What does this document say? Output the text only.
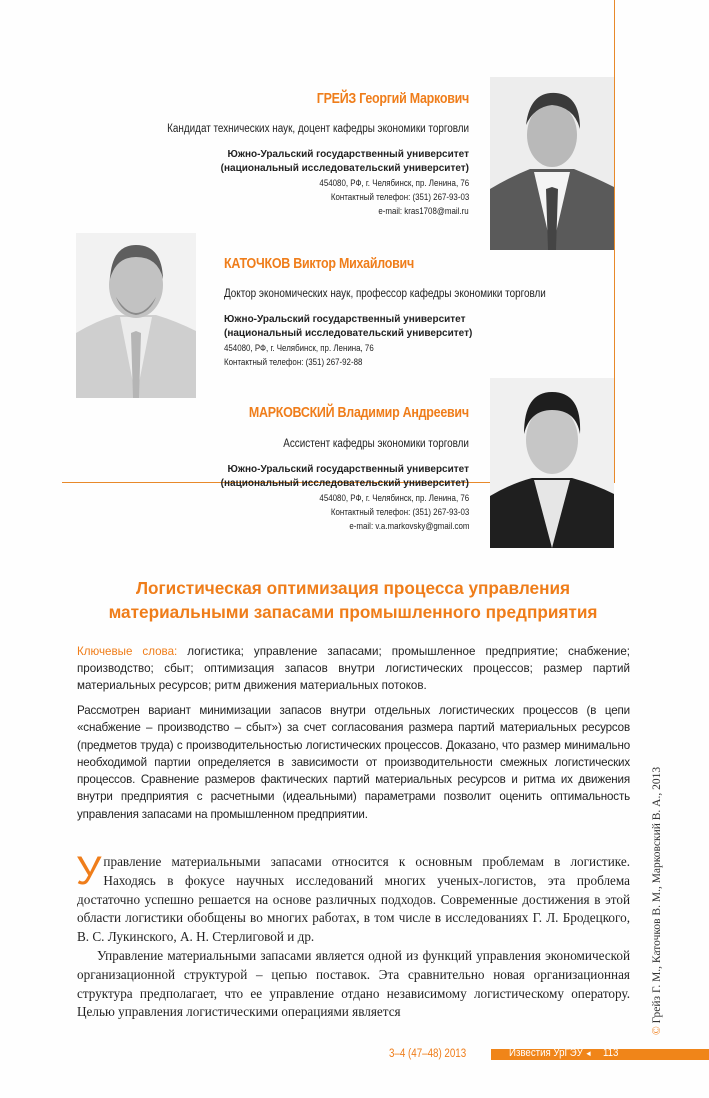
ГРЕЙЗ Георгий Маркович
Кандидат технических наук, доцент кафедры экономики торговли
Южно-Уральский государственный университет
(национальный исследовательский университет)
454080, РФ, г. Челябинск, пр. Ленина, 76
Контактный телефон: (351) 267-93-03
e-mail: kras1708@mail.ru
КАТОЧКОВ Виктор Михайлович
Доктор экономических наук, профессор кафедры экономики торговли
Южно-Уральский государственный университет
(национальный исследовательский университет)
454080, РФ, г. Челябинск, пр. Ленина, 76
Контактный телефон: (351) 267-92-88
МАРКОВСКИЙ Владимир Андреевич
Ассистент кафедры экономики торговли
Южно-Уральский государственный университет
(национальный исследовательский университет)
454080, РФ, г. Челябинск, пр. Ленина, 76
Контактный телефон: (351) 267-93-03
e-mail: v.a.markovsky@gmail.com
Логистическая оптимизация процесса управления
материальными запасами промышленного предприятия
Ключевые слова: логистика; управление запасами; промышленное предприятие; снабжение; производство; сбыт; оптимизация запасов внутри логистических процессов; размер партий материальных ресурсов; ритм движения материальных потоков.
Рассмотрен вариант минимизации запасов внутри отдельных логистических процессов (в цепи «снабжение – производство – сбыт») за счет согласования размера партий материальных ресурсов (предметов труда) с производительностью логистических процессов. Доказано, что размер минимально необходимой партии определяется в зависимости от производительности смежных логистических процессов. Сравнение размеров фактических партий материальных ресурсов и ритма их движения внутри предприятия с расчетными (идеальными) параметрами позволит оценить оптимальность управления запасами на промышленном предприятии.

Управление материальными запасами относится к основным проблемам в логистике. Находясь в фокусе научных исследований многих ученых-логистов, эта проблема достаточно успешно решается на основе различных подходов. Современные достижения в этой области логистики обобщены во многих работах, в том числе в исследованиях Г. Л. Бродецкого, В. С. Лукинского, А. Н. Стерлиговой и др.

Управление материальными запасами является одной из функций управления экономической организационной структурой – цепью поставок. Эта сравнительно новая организационная структура предполагает, что ее управление отдано независимому логистическому оператору. Целью управления логистическими операциями является

© Грейз Г. М., Каточков В. М., Марковский В. А., 2013
3–4 (47–48) 2013	Известия УрГЭУ ◄ 113
